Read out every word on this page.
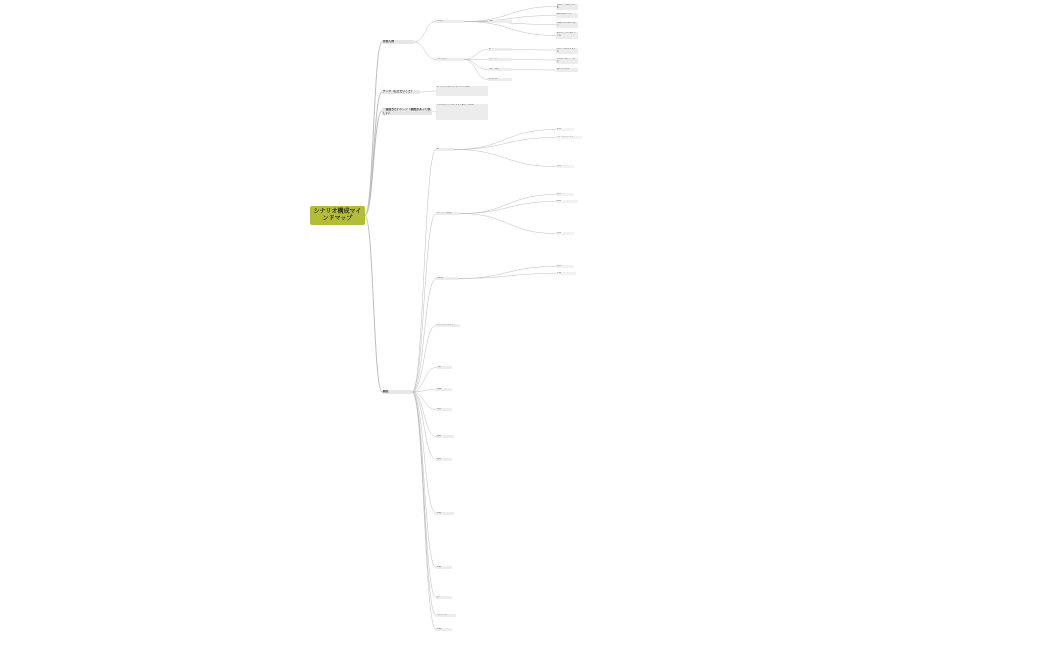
シナリオ構成マインドマップ
登場人物
テーマ（伝えたいこと）
一番描きたいシーン（構想があって欲しい）
構成
主人公
サブキャラ
性格
高校生・真面目な性格
感情表現が苦手
周囲からの期待が重い
夢を持てずに悩んでいる
友
ライバル
先輩・恩人
幼なじみ
明るく主人公を支える
主人公と競い合う存在
道を示す人物
本当の自分を見つけることの大切さ
主人公が自分の気持ちを言葉にする場面
起
ストーリー展開
出来事
ターニングポイント
日常
葛藤
別れ
決意
転機
試練
和解
結
エピローグ
余韻
場面
シチュエーション
内容
場所
時間
人物
会話
伏線
